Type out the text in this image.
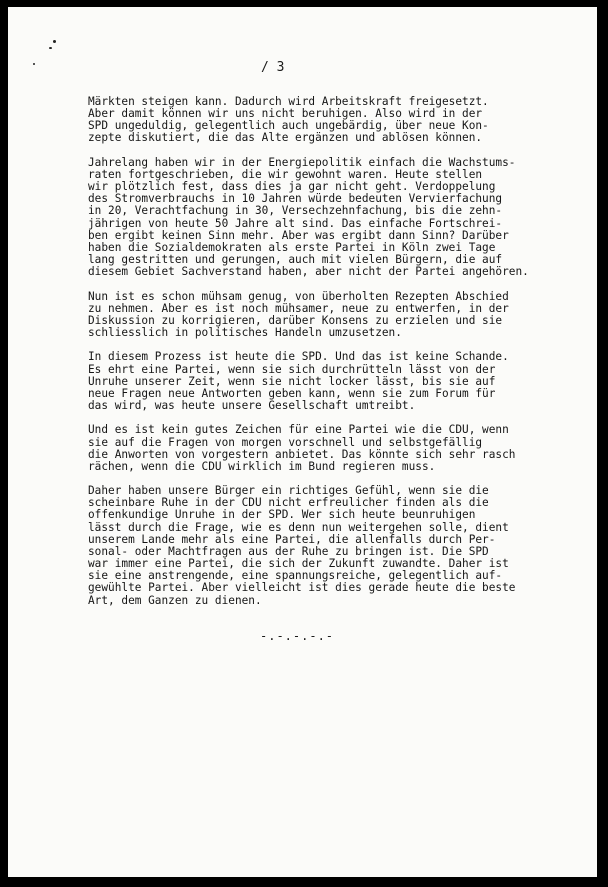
/ 3

Märkten steigen kann. Dadurch wird Arbeitskraft freigesetzt.
Aber damit können wir uns nicht beruhigen. Also wird in der
SPD ungeduldig, gelegentlich auch ungebärdig, über neue Kon-
zepte diskutiert, die das Alte ergänzen und ablösen können.

Jahrelang haben wir in der Energiepolitik einfach die Wachstums-
raten fortgeschrieben, die wir gewohnt waren. Heute stellen
wir plötzlich fest, dass dies ja gar nicht geht. Verdoppelung
des Stromverbrauchs in 10 Jahren würde bedeuten Vervierfachung
in 20, Verachtfachung in 30, Versechzehnfachung, bis die zehn-
jährigen von heute 50 Jahre alt sind. Das einfache Fortschrei-
ben ergibt keinen Sinn mehr. Aber was ergibt dann Sinn? Darüber
haben die Sozialdemokraten als erste Partei in Köln zwei Tage
lang gestritten und gerungen, auch mit vielen Bürgern, die auf
diesem Gebiet Sachverstand haben, aber nicht der Partei angehören.

Nun ist es schon mühsam genug, von überholten Rezepten Abschied
zu nehmen. Aber es ist noch mühsamer, neue zu entwerfen, in der
Diskussion zu korrigieren, darüber Konsens zu erzielen und sie
schliesslich in politisches Handeln umzusetzen.

In diesem Prozess ist heute die SPD. Und das ist keine Schande.
Es ehrt eine Partei, wenn sie sich durchrütteln lässt von der
Unruhe unserer Zeit, wenn sie nicht locker lässt, bis sie auf
neue Fragen neue Antworten geben kann, wenn sie zum Forum für
das wird, was heute unsere Gesellschaft umtreibt.

Und es ist kein gutes Zeichen für eine Partei wie die CDU, wenn
sie auf die Fragen von morgen vorschnell und selbstgefällig
die Anworten von vorgestern anbietet. Das könnte sich sehr rasch
rächen, wenn die CDU wirklich im Bund regieren muss.

Daher haben unsere Bürger ein richtiges Gefühl, wenn sie die
scheinbare Ruhe in der CDU nicht erfreulicher finden als die
offenkundige Unruhe in der SPD. Wer sich heute beunruhigen
lässt durch die Frage, wie es denn nun weitergehen solle, dient
unserem Lande mehr als eine Partei, die allenfalls durch Per-
sonal- oder Machtfragen aus der Ruhe zu bringen ist. Die SPD
war immer eine Partei, die sich der Zukunft zuwandte. Daher ist
sie eine anstrengende, eine spannungsreiche, gelegentlich auf-
gewühlte Partei. Aber vielleicht ist dies gerade heute die beste
Art, dem Ganzen zu dienen.

-.-.-.-.-
